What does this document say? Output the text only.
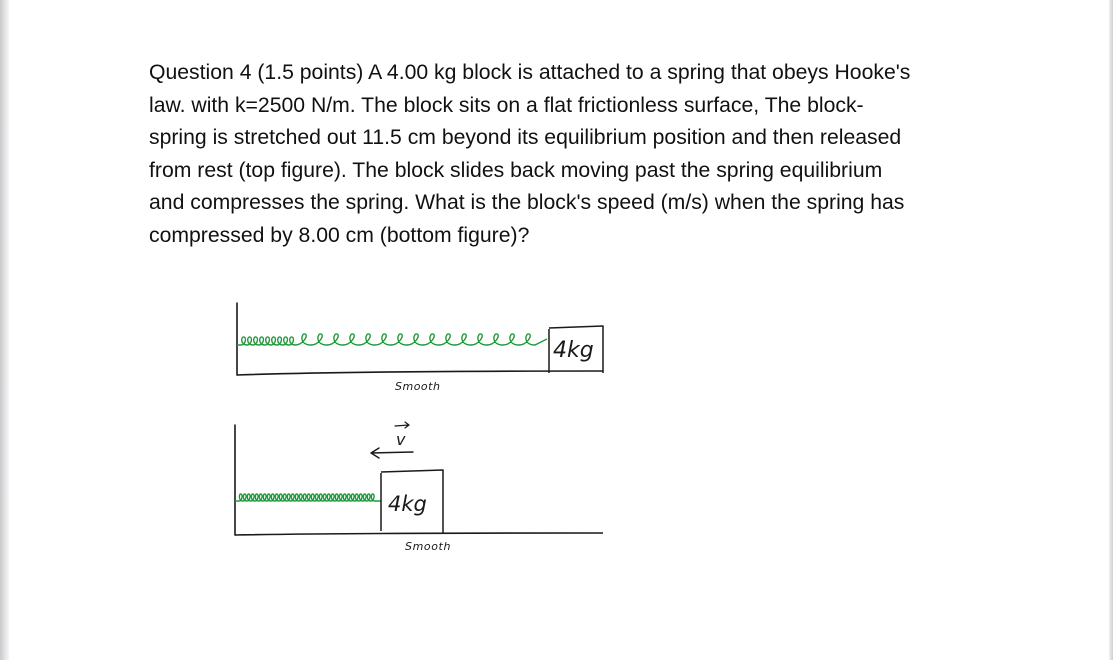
Question 4 (1.5 points) A 4.00 kg block is attached to a spring that obeys Hooke's
law. with k=2500 N/m. The block sits on a flat frictionless surface, The block-
spring is stretched out 11.5 cm beyond its equilibrium position and then released
from rest (top figure). The block slides back moving past the spring equilibrium
and compresses the spring. What is the block's speed (m/s) when the spring has
compressed by 8.00 cm (bottom figure)?

4kg
Smooth
v
4kg
Smooth
